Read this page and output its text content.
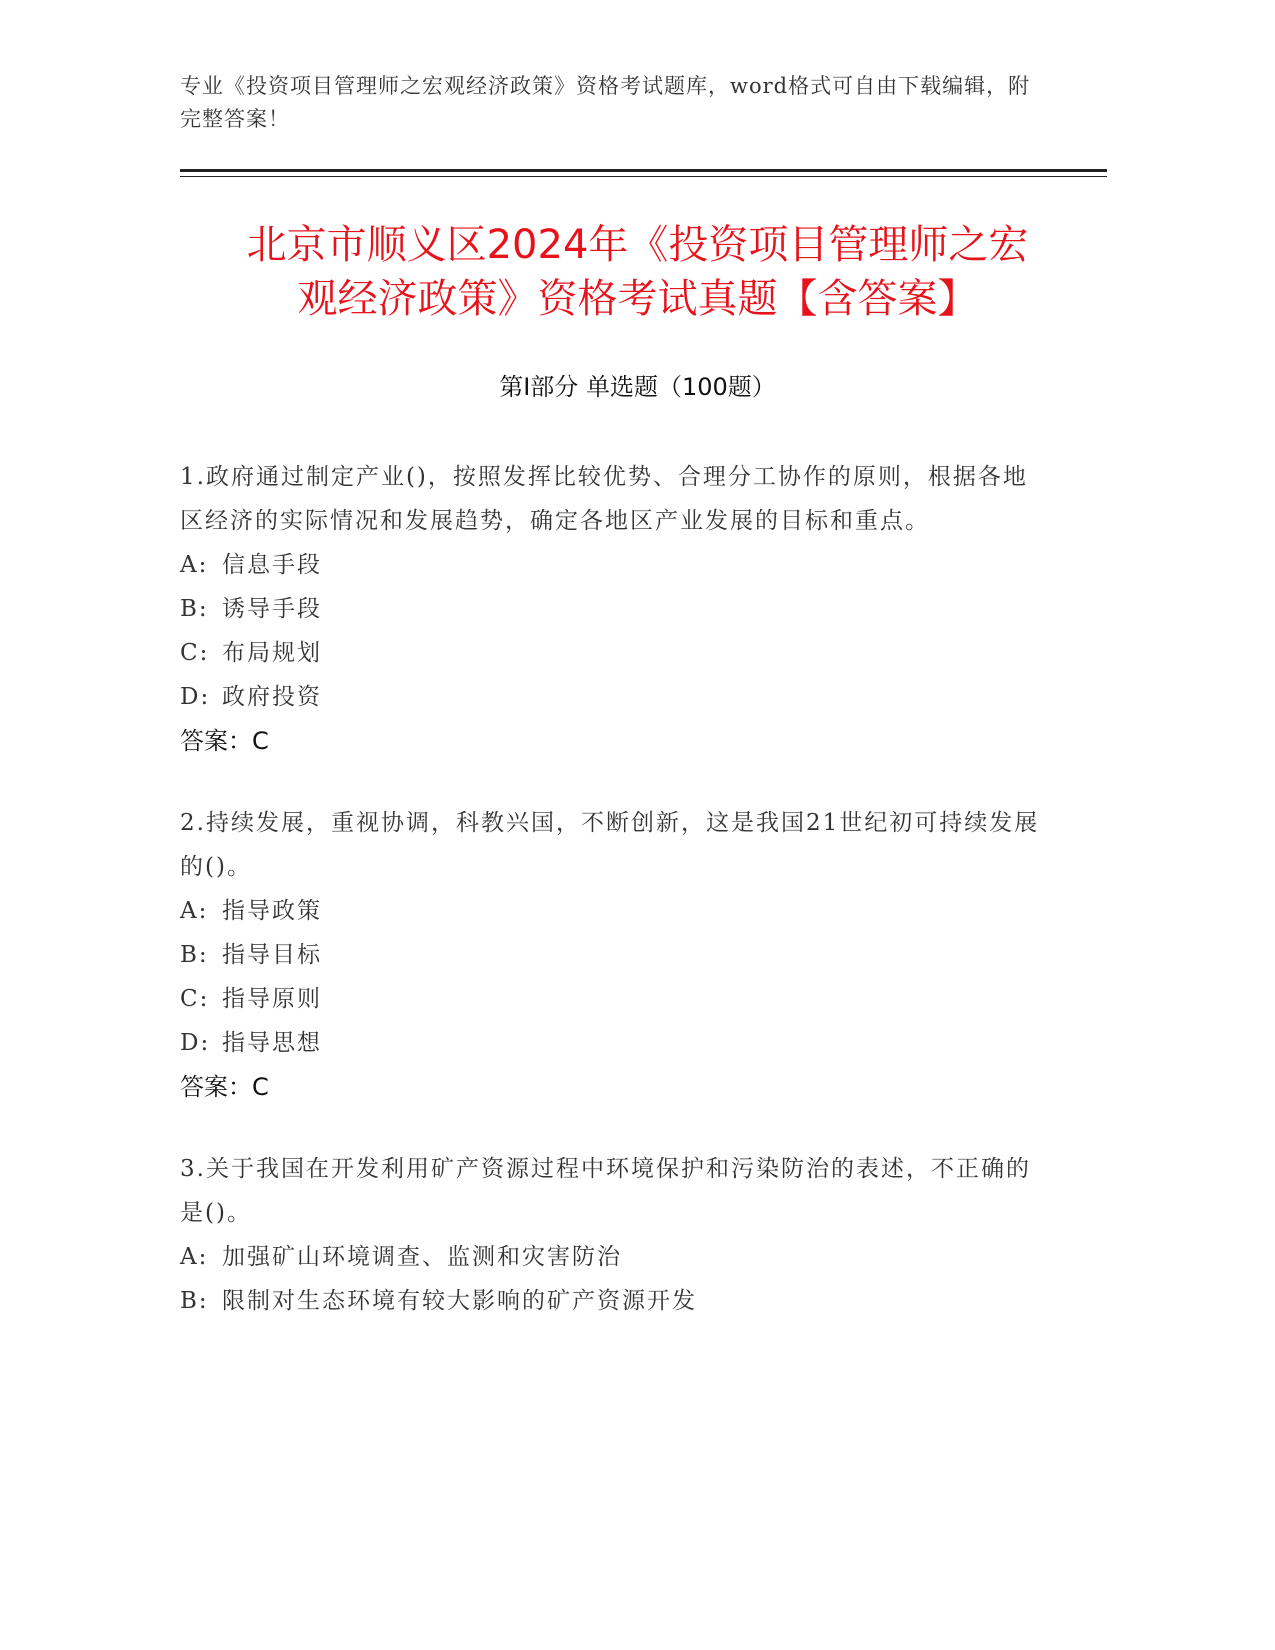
专业《投资项目管理师之宏观经济政策》资格考试题库，word格式可自由下载编辑，附完整答案！
北京市顺义区2024年《投资项目管理师之宏
观经济政策》资格考试真题【含答案】
第Ⅰ部分 单选题（100题）
1.政府通过制定产业()，按照发挥比较优势、合理分工协作的原则，根据各地区经济的实际情况和发展趋势，确定各地区产业发展的目标和重点。
A: 信息手段
B: 诱导手段
C: 布局规划
D: 政府投资
答案：C
2.持续发展，重视协调，科教兴国，不断创新，这是我国21世纪初可持续发展的()。
A: 指导政策
B: 指导目标
C: 指导原则
D: 指导思想
答案：C
3.关于我国在开发利用矿产资源过程中环境保护和污染防治的表述，不正确的是()。
A: 加强矿山环境调查、监测和灾害防治
B: 限制对生态环境有较大影响的矿产资源开发
